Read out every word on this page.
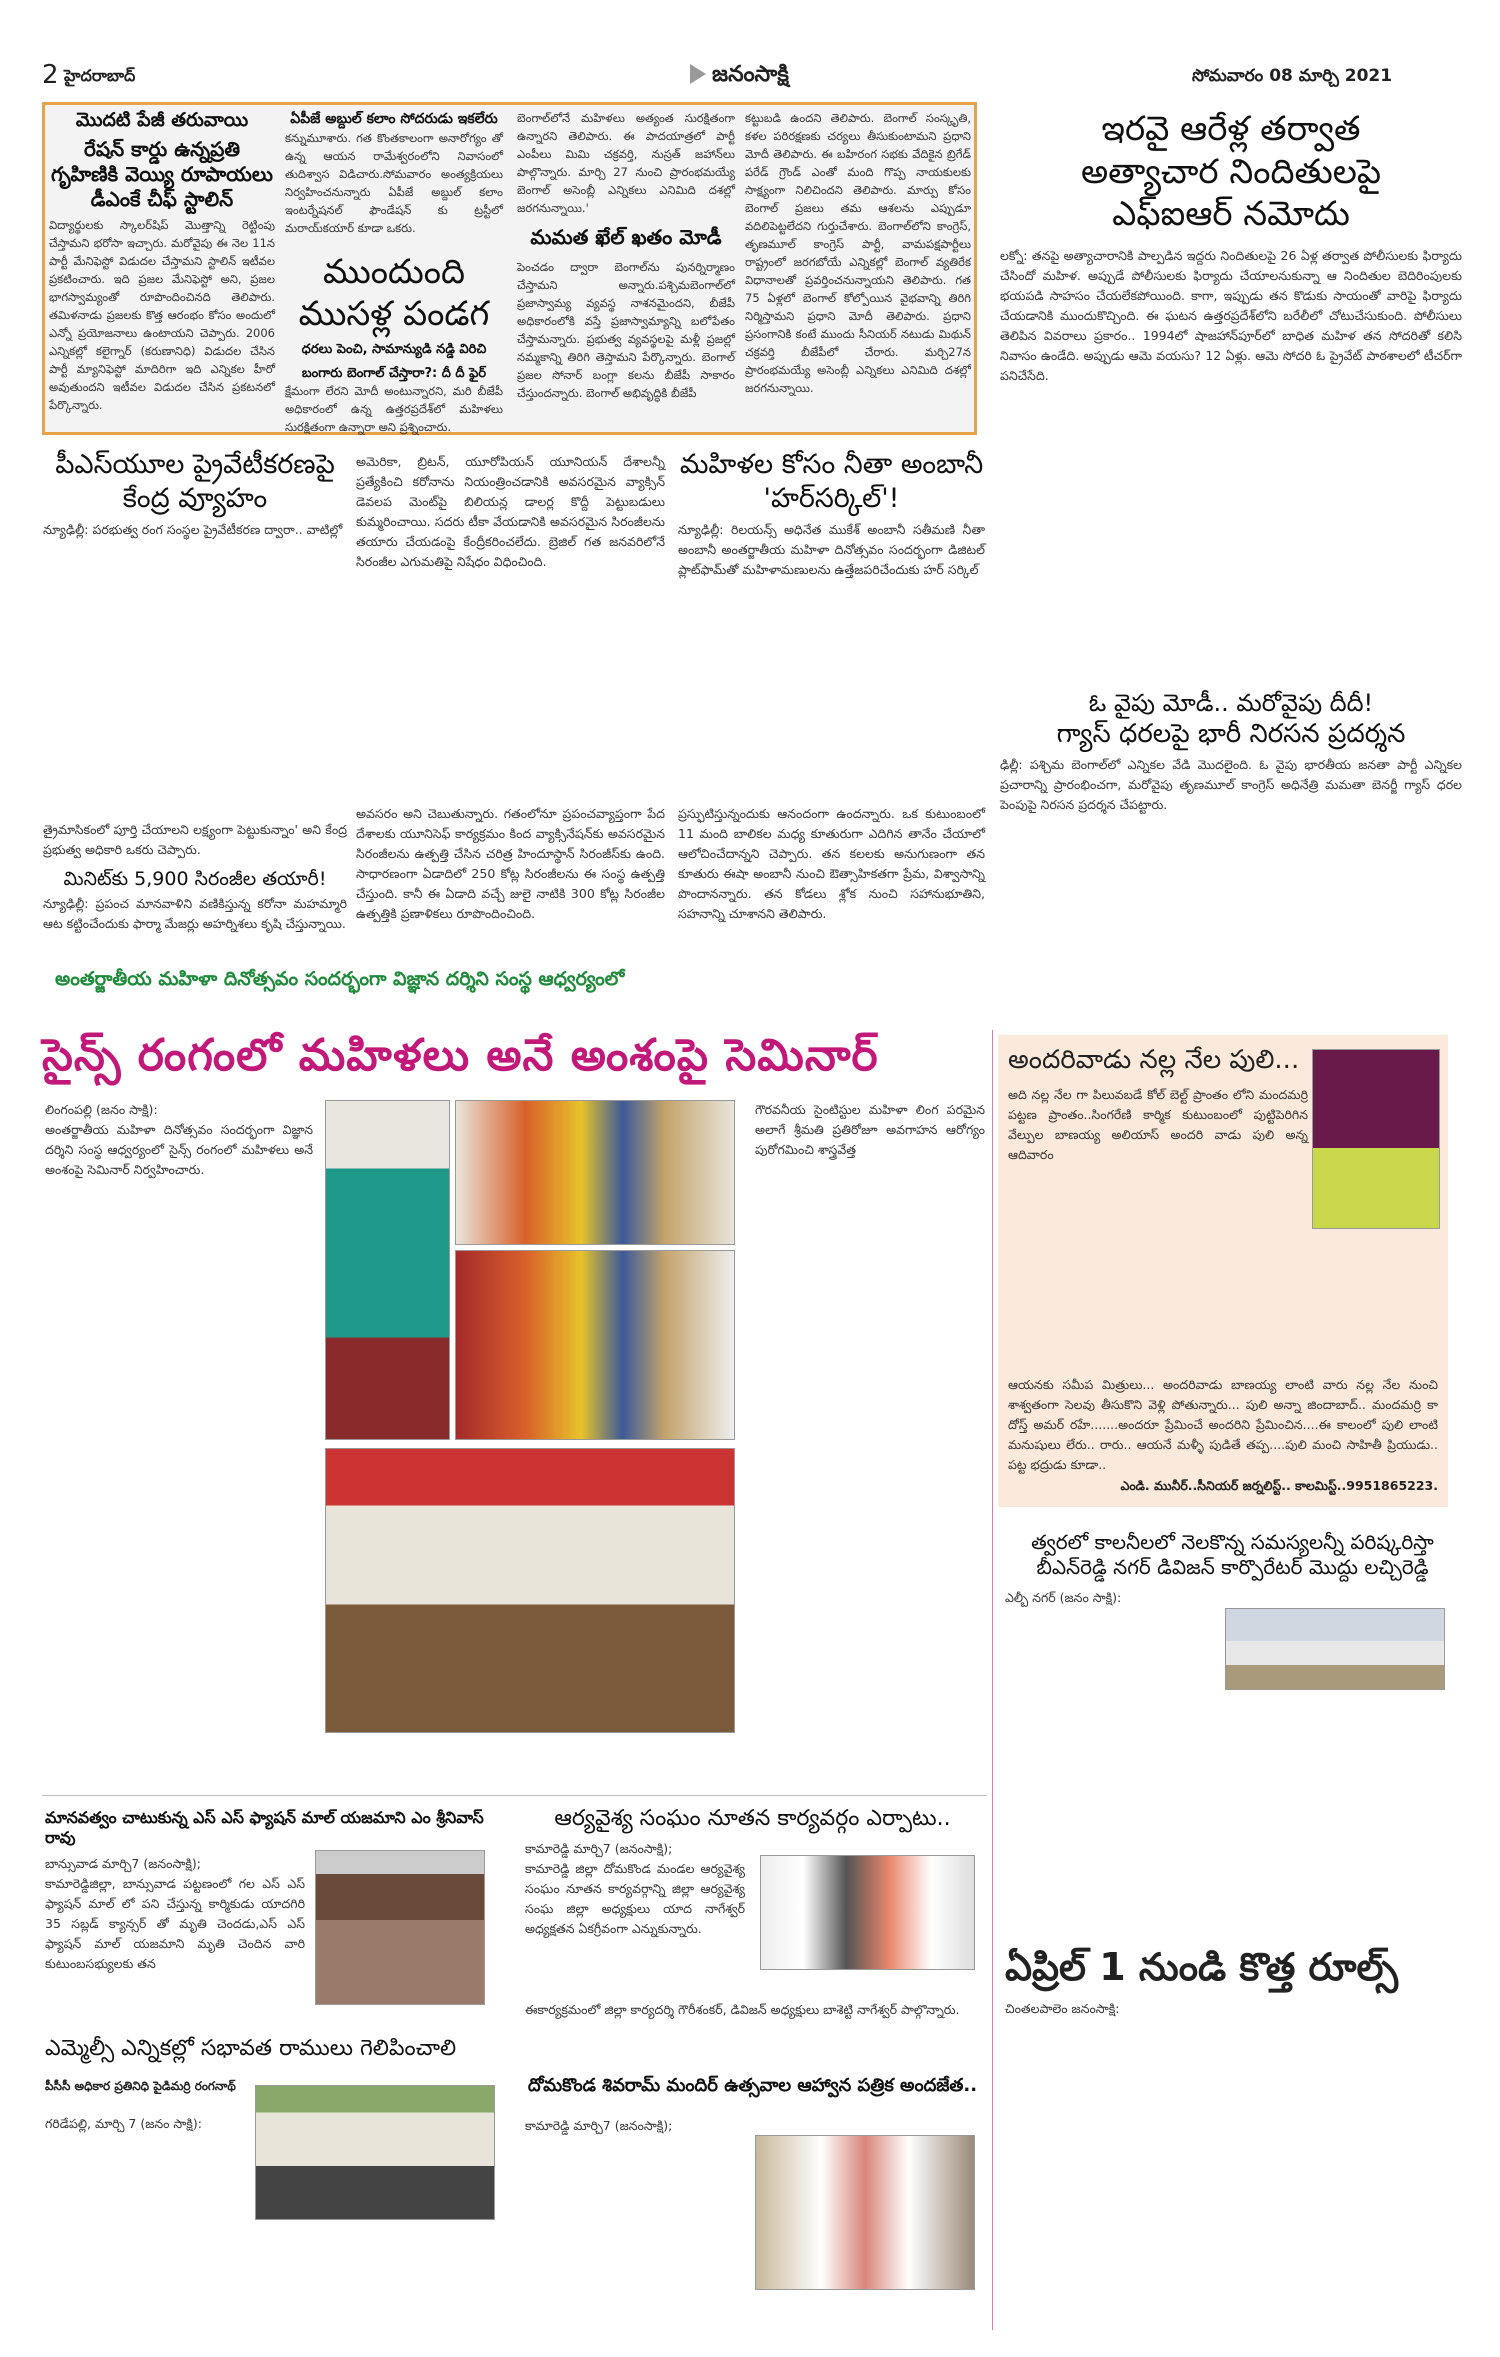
2 హైదరాబాద్	జనంసాక్షి	సోమవారం 08 మార్చి 2021
మొదటి పేజీ తరువాయి
రేషన్ కార్డు ఉన్నప్రతి గృహిణికి వెయ్యి రూపాయలు డీఎంకే చీఫ్ స్టాలిన్
విద్యార్థులకు స్కాలర్‌షిప్ మొత్తాన్ని రెట్టింపు చేస్తామని భరోసా ఇచ్చారు. మరోవైపు ఈ నెల 11న పార్టీ మేనిఫెస్టో విడుదల చేస్తామని స్టాలిన్ ఇటీవల ప్రకటించారు. ఇది ప్రజల మేనిఫెస్టో అని, ప్రజల భాగస్వామ్యంతో రూపొందించినది తెలిపారు. తమిళనాడు ప్రజలకు కొత్త ఆరంభం కోసం అందులో ఎన్నో ప్రయోజనాలు ఉంటాయని చెప్పారు. 2006 ఎన్నికల్లో కలైగ్నార్ (కరుణానిధి) విడుదల చేసిన పార్టీ మ్యానిఫెస్టో మాదిరిగా ఇది ఎన్నికల హీరో అవుతుందని ఇటీవల విడుదల చేసిన ప్రకటనలో పేర్కొన్నారు.
ఏపీజే అబ్దుల్ కలాం సోదరుడు ఇకలేరు
కన్నుమూశారు. గత కొంతకాలంగా అనారోగ్యం తో ఉన్న ఆయన రామేశ్వరంలోని నివాసంలో తుదిశ్వాస విడిచారు.సోమవారం అంత్యక్రియలు నిర్వహించనున్నారు ఏపీజే అబ్దుల్ కలాం ఇంటర్నేషనల్ ఫౌండేషన్ కు ట్రస్టీలో మరాయ్‌కయార్ కూడా ఒకరు.
ముందుంది ముసళ్ల పండగ
ధరలు పెంచి, సామాన్యుడి నడ్డి విరిచి
బంగారు బెంగాల్ చేస్తారా?: దీ దీ ఫైర్
క్షేమంగా లేరని మోదీ అంటున్నారని, మరి బీజేపీ అధికారంలో ఉన్న ఉత్తరప్రదేశ్‌లో మహిళలు సురక్షితంగా ఉన్నారా అని ప్రశ్నించారు.
బెంగాల్‌లోనే మహిళలు అత్యంత సురక్షితంగా ఉన్నారని తెలిపారు. ఈ పాదయాత్రలో పార్టీ ఎంపీలు మిమి చక్రవర్తి, నుస్రత్ జహాన్‌లు పాల్గొన్నారు. మార్చి 27 నుంచి ప్రారంభమయ్యే బెంగాల్ అసెంబ్లీ ఎన్నికలు ఎనిమిది దశల్లో జరగనున్నాయి.'
మమత ఖేల్ ఖతం మోడీ
పెంచడం ద్వారా బెంగాల్‌ను పునర్నిర్మాణం చేస్తామని అన్నారు.పశ్చిమబెంగాల్‌లో ప్రజాస్వామ్య వ్యవస్థ నాశనమైందని, బీజేపీ అధికారంలోకి వస్తే ప్రజాస్వామ్యాన్ని బలోపేతం చేస్తామన్నారు. ప్రభుత్వ వ్యవస్థలపై మళ్లీ ప్రజల్లో నమ్మకాన్ని తిరిగి తెస్తామని పేర్కొన్నారు. బెంగాల్ ప్రజల సోనార్ బంగ్లా కలను బీజేపీ సాకారం చేస్తుందన్నారు. బెంగాల్ అభివృద్ధికి బీజేపీ
కట్టుబడి ఉందని తెలిపారు. బెంగాల్ సంస్కృతి, కళల పరిరక్షణకు చర్యలు తీసుకుంటామని ప్రధాని మోదీ తెలిపారు. ఈ బహిరంగ సభకు వేదికైన బ్రిగేడ్ పరేడ్ గ్రౌండ్ ఎంతో మంది గొప్ప నాయకులకు సాక్ష్యంగా నిలిచిందని తెలిపారు. మార్పు కోసం బెంగాల్ ప్రజలు తమ ఆశలను ఎప్పుడూ వదిలిపెట్టలేదని గుర్తుచేశారు. బెంగాల్‌లోని కాంగ్రెస్, తృణమూల్ కాంగ్రెస్ పార్టీ, వామపక్షపార్టీలు రాష్ట్రంలో జరగబోయే ఎన్నికల్లో బెంగాల్ వ్యతిరేక విధానాలతో ప్రవర్తించనున్నాయని తెలిపారు. గత 75 ఏళ్లలో బెంగాల్ కోల్పోయిన వైభవాన్ని తిరిగి నిర్మిస్తామని ప్రధాని మోదీ తెలిపారు. ప్రధాని ప్రసంగానికి కంటే ముందు సీనియర్ నటుడు మిథున్ చక్రవర్తి బీజేపీలో చేరారు. మర్చి27న ప్రారంభమయ్యే అసెంబ్లీ ఎన్నికలు ఎనిమిది దశల్లో జరగనున్నాయి.
ఇరవై ఆరేళ్ల తర్వాత అత్యాచార నిందితులపై ఎఫ్ఐఆర్ నమోదు
లక్నో: తనపై అత్యాచారానికి పాల్పడిన ఇద్దరు నిందితులపై 26 ఏళ్ల తర్వాత పోలీసులకు ఫిర్యాదు చేసిందో మహిళ. అప్పుడే పోలీసులకు ఫిర్యాదు చేయాలనుకున్నా ఆ నిందితుల బెదిరింపులకు భయపడి సాహసం చేయలేకపోయింది. కాగా, ఇప్పుడు తన కొడుకు సాయంతో వారిపై ఫిర్యాదు చేయడానికి ముందుకొచ్చింది. ఈ ఘటన ఉత్తరప్రదేశ్‌లోని బరేలీలో చోటుచేసుకుంది. పోలీసులు తెలిపిన వివరాలు ప్రకారం.. 1994లో షాజహాన్‌పూర్‌లో బాధిత మహిళ తన సోదరితో కలిసి నివాసం ఉండేది. అప్పుడు ఆమె వయసు? 12 ఏళ్లు. ఆమె సోదరి ఓ ప్రైవేట్ పాఠశాలలో టీచర్‌గా పనిచేసేది.
పీఎస్‌యూల ప్రైవేటీకరణపై కేంద్ర వ్యూహం
న్యూఢిల్లీ: పరభుత్వ రంగ సంస్థల ప్రైవేటీకరణ ద్వారా.. వాటిల్లో
త్రైమాసికంలో పూర్తి చేయాలని లక్ష్యంగా పెట్టుకున్నాం' అని కేంద్ర ప్రభుత్వ అధికారి ఒకరు చెప్పారు.
మినిట్‌కు 5,900 సిరంజీల తయారీ!
న్యూఢిల్లీ: ప్రపంచ మానవాళిని వణికిస్తున్న కరోనా మహమ్మారి ఆట కట్టించేందుకు ఫార్మా మేజర్లు అహర్నిశలు కృషి చేస్తున్నాయి.
అమెరికా, బ్రిటన్, యూరోపియన్ యూనియన్ దేశాలన్నీ ప్రత్యేకించి కరోనాను నియంత్రించడానికి అవసరమైన వ్యాక్సిన్ డెవలప మెంట్‌పై బిలియన్ల డాలర్ల కొద్దీ పెట్టుబడులు కుమ్మరించాయి. సదరు టీకా వేయడానికి అవసరమైన సిరంజీలను తయారు చేయడంపై కేంద్రీకరించలేదు. బ్రెజిల్ గత జనవరిలోనే సిరంజీల ఎగుమతిపై నిషేధం విధించింది.
అవసరం అని చెబుతున్నారు. గతంలోనూ ప్రపంచవ్యాప్తంగా పేద దేశాలకు యూనిసెఫ్ కార్యక్రమం కింద వ్యాక్సినేషన్‌కు అవసరమైన సిరంజీలను ఉత్పత్తి చేసిన చరిత్ర హిందూస్థాన్ సిరంజీస్‌కు ఉంది. సాధారణంగా ఏడాదిలో 250 కోట్ల సిరంజీలను ఈ సంస్థ ఉత్పత్తి చేస్తుంది. కానీ ఈ ఏడాది వచ్చే జులై నాటికి 300 కోట్ల సిరంజీల ఉత్పత్తికి ప్రణాళికలు రూపొందించింది.
మహిళల కోసం నీతా అంబానీ 'హర్‌సర్కిల్'!
న్యూఢిల్లీ: రిలయన్స్ అధినేత ముకేశ్ అంబానీ సతీమణి నీతా అంబానీ అంతర్జాతీయ మహిళా దినోత్సవం సందర్భంగా డిజిటల్ ప్లాట్‌ఫామ్‌తో మహిళామణులను ఉత్తేజపరిచేందుకు హర్ సర్కిల్
ప్రస్ఫుటిస్తున్నందుకు ఆనందంగా ఉందన్నారు. ఒక కుటుంబంలో 11 మంది బాలికల మధ్య కూతురుగా ఎదిగిన తానేం చేయాలో ఆలోచించేదాన్నని చెప్పారు. తన కలలకు అనుగుణంగా తన కూతురు ఈషా అంబానీ నుంచి ఔత్సాహికతగా ప్రేమ, విశ్వాసాన్ని పొందానన్నారు. తన కోడలు శ్లోక నుంచి సహానుభూతిని, సహనాన్ని చూశానని తెలిపారు.
ఓ వైపు మోడీ.. మరోవైపు దీదీ!
గ్యాస్ ధరలపై భారీ నిరసన ప్రదర్శన
ఢిల్లీ: పశ్చిమ బెంగాల్‌లో ఎన్నికల వేడి మొదలైంది. ఓ వైపు భారతీయ జనతా పార్టీ ఎన్నికల ప్రచారాన్ని ప్రారంభించగా, మరోవైపు తృణమూల్ కాంగ్రెస్ అధినేత్రి మమతా బెనర్జీ గ్యాస్ ధరల పెంపుపై నిరసన ప్రదర్శన చేపట్టారు.
అంతర్జాతీయ మహిళా దినోత్సవం సందర్భంగా విజ్ఞాన దర్శిని సంస్థ ఆధ్వర్యంలో
సైన్స్ రంగంలో మహిళలు అనే అంశంపై సెమినార్
లింగంపల్లి (జనం సాక్షి):
అంతర్జాతీయ మహిళా దినోత్సవం సందర్భంగా విజ్ఞాన దర్శిని సంస్థ ఆధ్వర్యంలో సైన్స్ రంగంలో మహిళలు అనే అంశంపై సెమినార్ నిర్వహించారు.
గౌరవనీయ సైంటిస్టుల మహిళా లింగ పరమైన అలాగే శ్రీమతి ప్రతిరోజూ అవగాహన ఆరోగ్యం పురోగమించి శాస్త్రవేత్త
అందరివాడు నల్ల నేల పులి...
అది నల్ల నేల గా పిలువబడే కోల్ బెల్ట్ ప్రాంతం లోని మందమర్రి పట్టణ ప్రాంతం..సింగరేణి కార్మిక కుటుంబంలో పుట్టిపెరిగిన వేల్పుల బాణయ్య అలియాస్ అందరి వాడు పులి అన్న ఆదివారం
ఆయనకు సమీప మిత్రులు... అందరివాడు బాణయ్య లాంటి వారు నల్ల నేల నుంచి శాశ్వతంగా సెలవు తీసుకొని వెళ్లి పోతున్నారు... పులి అన్నా జిందాబాద్.. మందమర్రి కా దోస్త్ అమర్ రహే.......అందరూ ప్రేమించే అందరిని ప్రేమించిన....ఈ కాలంలో పులి లాంటి మనుషులు లేరు.. రారు.. ఆయనే మళ్ళీ పుడితే తప్ప....పులి మంచి సాహితీ ప్రియుడు.. పట్ట భద్రుడు కూడా..
ఎండి. మునీర్..సీనియర్ జర్నలిస్ట్.. కాలమిస్ట్..9951865223.
త్వరలో కాలనీలలో నెలకొన్న సమస్యలన్నీ పరిష్కరిస్తా
బీఎన్‌రెడ్డి నగర్ డివిజన్ కార్పొరేటర్ మొద్దు లచ్చిరెడ్డి
ఎల్బీ నగర్ (జనం సాక్షి):
ఏప్రిల్ 1 నుండి కొత్త రూల్స్
చింతలపాలెం జనంసాక్షి:
మానవత్వం చాటుకున్న ఎస్ ఎస్ ఫ్యాషన్ మాల్ యజమాని ఎం శ్రీనివాస్ రావు
బాన్సువాడ మార్చి7 (జనంసాక్షి);
కామారెడ్డిజిల్లా, బాన్సువాడ పట్టణంలో గల ఎస్ ఎస్ ఫ్యాషన్ మాల్ లో పని చేస్తున్న కార్మికుడు యాదగిరి 35 సబ్లడ్ క్యాన్సర్ తో మృతి చెందడు,ఎస్ ఎస్ ఫ్యాషన్ మాల్ యజమాని మృతి చెందిన వారి కుటుంబసభ్యులకు తన
ఆర్యవైశ్య సంఘం నూతన కార్యవర్గం ఎర్పాటు..
కామారెడ్డి మార్చి7 (జనంసాక్షి);
కామారెడ్డి జిల్లా దోమకొండ మండల ఆర్యవైశ్య సంఘం నూతన కార్యవర్గాన్ని జిల్లా ఆర్యవైశ్య సంఘ జిల్లా అధ్యక్షులు యాద నాగేశ్వర్ అధ్యక్షతన ఏకగ్రీవంగా ఎన్నుకున్నారు.
ఈకార్యక్రమంలో జిల్లా కార్యదర్శి గౌరీశంకర్, డివిజన్ అధ్యక్షులు బాశెట్టి నాగేశ్వర్ పాల్గొన్నారు.
ఎమ్మెల్సీ ఎన్నికల్లో సభావత రాములు గెలిపించాలి
పీసీసీ అధికార ప్రతినిధి పైడిమర్రి రంగనాథ్
గరిడేపల్లి, మార్చి 7 (జనం సాక్షి):
దోమకొండ శివరామ్ మందిర్ ఉత్సవాల ఆహ్వాన పత్రిక అందజేత..
కామారెడ్డి మార్చి7 (జనంసాక్షి);
